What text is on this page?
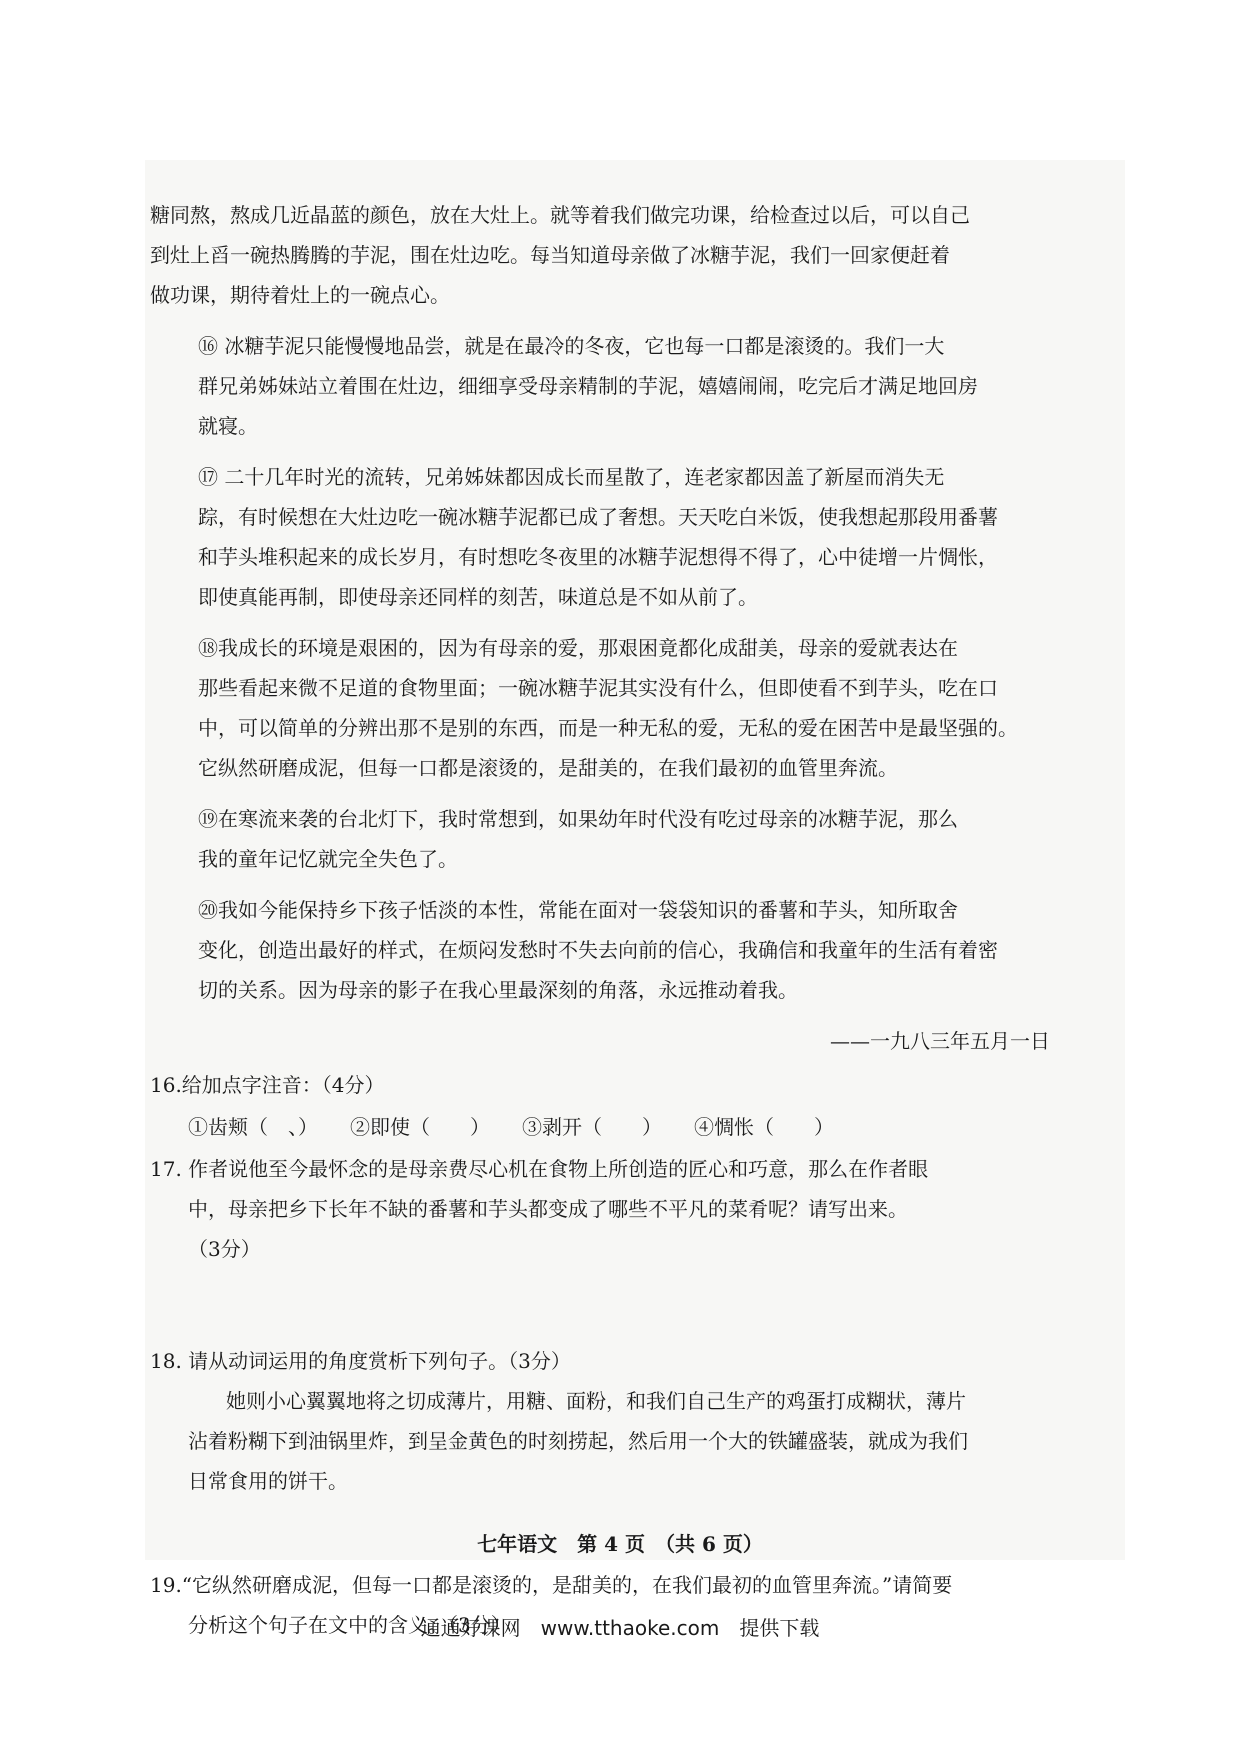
糖同熬，熬成几近晶蓝的颜色，放在大灶上。就等着我们做完功课，给检查过以后，可以自己
到灶上舀一碗热腾腾的芋泥，围在灶边吃。每当知道母亲做了冰糖芋泥，我们一回家便赶着
做功课，期待着灶上的一碗点心。

⑯ 冰糖芋泥只能慢慢地品尝，就是在最冷的冬夜，它也每一口都是滚烫的。我们一大
群兄弟姊妹站立着围在灶边，细细享受母亲精制的芋泥，嬉嬉闹闹，吃完后才满足地回房
就寝。

⑰ 二十几年时光的流转，兄弟姊妹都因成长而星散了，连老家都因盖了新屋而消失无
踪，有时候想在大灶边吃一碗冰糖芋泥都已成了奢想。天天吃白米饭，使我想起那段用番薯
和芋头堆积起来的成长岁月，有时想吃冬夜里的冰糖芋泥想得不得了，心中徒增一片惆怅，
即使真能再制，即使母亲还同样的刻苦，味道总是不如从前了。

⑱我成长的环境是艰困的，因为有母亲的爱，那艰困竟都化成甜美，母亲的爱就表达在
那些看起来微不足道的食物里面；一碗冰糖芋泥其实没有什么，但即使看不到芋头，吃在口
中，可以简单的分辨出那不是别的东西，而是一种无私的爱，无私的爱在困苦中是最坚强的。
它纵然研磨成泥，但每一口都是滚烫的，是甜美的，在我们最初的血管里奔流。

⑲在寒流来袭的台北灯下，我时常想到，如果幼年时代没有吃过母亲的冰糖芋泥，那么
我的童年记忆就完全失色了。

⑳我如今能保持乡下孩子恬淡的本性，常能在面对一袋袋知识的番薯和芋头，知所取舍
变化，创造出最好的样式，在烦闷发愁时不失去向前的信心，我确信和我童年的生活有着密
切的关系。因为母亲的影子在我心里最深刻的角落，永远推动着我。

——一九八三年五月一日

16.给加点字注音：（4分）

①齿颊（　、） ②即使（　　） ③剥开（　　） ④惆怅（　　）

17. 作者说他至今最怀念的是母亲费尽心机在食物上所创造的匠心和巧意，那么在作者眼

中，母亲把乡下长年不缺的番薯和芋头都变成了哪些不平凡的菜肴呢？请写出来。

（3分）

18. 请从动词运用的角度赏析下列句子。（3分）

她则小心翼翼地将之切成薄片，用糖、面粉，和我们自己生产的鸡蛋打成糊状，薄片
沾着粉糊下到油锅里炸，到呈金黄色的时刻捞起，然后用一个大的铁罐盛装，就成为我们
日常食用的饼干。

19.“它纵然研磨成泥，但每一口都是滚烫的，是甜美的，在我们最初的血管里奔流。”请简要

分析这个句子在文中的含义。（3分）

七年语文　第 4 页　（共 6 页）
通通好课网　www.tthaoke.com　提供下载
